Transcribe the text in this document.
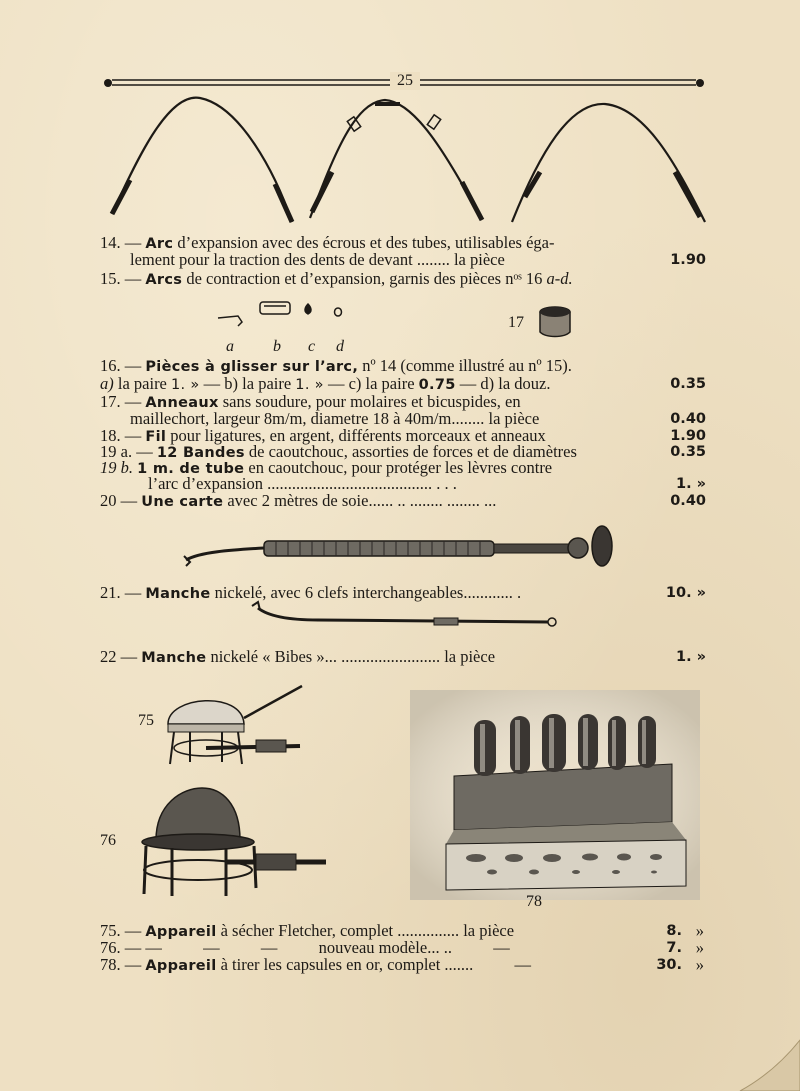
25
14. — Arc d’expansion avec des écrous et des tubes, utilisables éga-
lement pour la traction des dents de devant ........ la pièce	1.90
15. — Arcs de contraction et d’expansion, garnis des pièces nᵒˢ 16 a-d.
17
a b c d
16. — Pièces à glisser sur l’arc, nº 14 (comme illustré au nº 15).
a) la paire 1. » — b) la paire 1. » — c) la paire 0.75 — d) la douz.	0.35
17. — Anneaux sans soudure, pour molaires et bicuspides, en
maillechort, largeur 8m/m, diametre 18 à 40m/m........ la pièce	0.40
18. — Fil pour ligatures, en argent, différents morceaux et anneaux	1.90
19 a. — 12 Bandes de caoutchouc, assorties de forces et de diamètres	0.35
19 b. 1 m. de tube en caoutchouc, pour protéger les lèvres contre
l’arc d’expansion ........................................ . . .	1. »
20 — Une carte avec 2 mètres de soie...... .. ........ ........ ...	0.40
21. — Manche nickelé, avec 6 clefs interchangeables............ .	10. »
22 — Manche nickelé « Bibes »... ........................ la pièce	1. »
75
76
78
75. — Appareil à sécher Fletcher, complet ............... la pièce	8. »
76. — —          —          —          nouveau modèle... ..          —	7. »
78. — Appareil à tirer les capsules en or, complet .......          —	30. »
